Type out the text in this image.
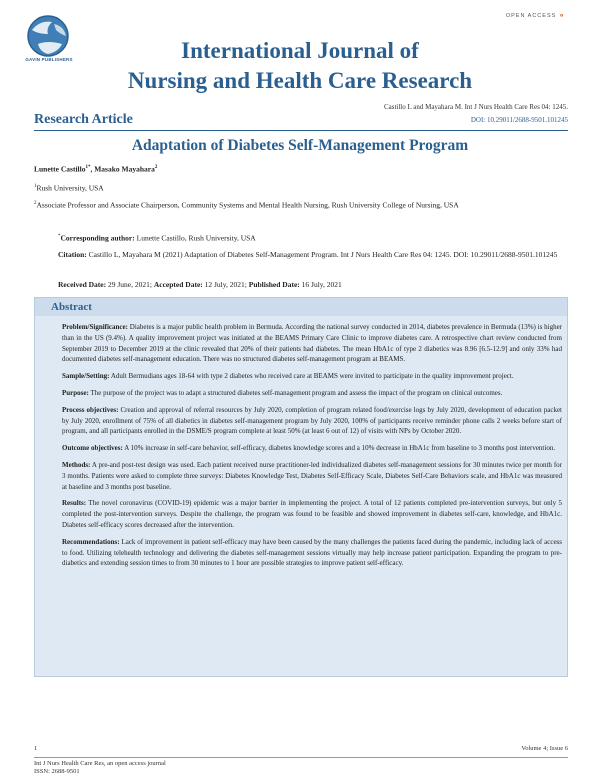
GAVIN PUBLISHERS
OPEN ACCESS ⚬
International Journal of
Nursing and Health Care Research
Castillo L and Mayahara M. Int J Nurs Health Care Res 04: 1245.
DOI: 10.29011/2688-9501.101245
Research Article
Adaptation of Diabetes Self-Management Program
Lunette Castillo$^{1*}$, Masako Mayahara$^2$
$^1$Rush University, USA
$^2$Associate Professor and Associate Chairperson, Community Systems and Mental Health Nursing, Rush University College of Nursing, USA
*Corresponding author: Lunette Castillo, Rush University, USA
Citation: Castillo L, Mayahara M (2021) Adaptation of Diabetes Self-Management Program. Int J Nurs Health Care Res 04: 1245. DOI: 10.29011/2688-9501.101245
Received Date: 29 June, 2021; Accepted Date: 12 July, 2021; Published Date: 16 July, 2021
Abstract

Problem/Significance: Diabetes is a major public health problem in Bermuda. According the national survey conducted in 2014, diabetes prevalence in Bermuda (13%) is higher than in the US (9.4%). A quality improvement project was initiated at the BEAMS Primary Care Clinic to improve diabetes care. A retrospective chart review conducted from September 2019 to December 2019 at the clinic revealed that 20% of their patients had diabetes. The mean HbA1c of type 2 diabetics was 8.96 [6.5-12.9] and only 33% had documented diabetes self-management education. There was no structured diabetes self-management program at BEAMS.

Sample/Setting: Adult Bermudians ages 18-64 with type 2 diabetes who received care at BEAMS were invited to participate in the quality improvement project.

Purpose: The purpose of the project was to adapt a structured diabetes self-management program and assess the impact of the program on clinical outcomes.

Process objectives: Creation and approval of referral resources by July 2020, completion of program related food/exercise logs by July 2020, development of education packet by July 2020, enrollment of 75% of all diabetics in diabetes self-management program by July 2020, 100% of participants receive reminder phone calls 2 weeks before start of program, and all participants enrolled in the DSME/S program complete at least 50% (at least 6 out of 12) of visits with NPs by October 2020.

Outcome objectives: A 10% increase in self-care behavior, self-efficacy, diabetes knowledge scores and a 10% decrease in HbA1c from baseline to 3 months post intervention.

Methods: A pre-and post-test design was used. Each patient received nurse practitioner-led individualized diabetes self-management sessions for 30 minutes twice per month for 3 months. Patients were asked to complete three surveys: Diabetes Knowledge Test, Diabetes Self-Efficacy Scale, Diabetes Self-Care Behaviors scale, and HbA1c was measured at baseline and 3 months post baseline.

Results: The novel coronavirus (COVID-19) epidemic was a major barrier in implementing the project. A total of 12 patients completed pre-intervention surveys, but only 5 completed the post-intervention surveys. Despite the challenge, the program was found to be feasible and showed improvement in diabetes self-care, knowledge, and HbA1c. Diabetes self-efficacy scores decreased after the intervention.

Recommendations: Lack of improvement in patient self-efficacy may have been caused by the many challenges the patients faced during the pandemic, including lack of access to food. Utilizing telehealth technology and delivering the diabetes self-management sessions virtually may help increase patient participation. Expanding the program to pre-diabetics and extending session times to from 30 minutes to 1 hour are possible strategies to improve patient self-efficacy.

1	Volume 4; Issue 6
Int J Nurs Health Care Res, an open access journal
ISSN: 2688-9501
